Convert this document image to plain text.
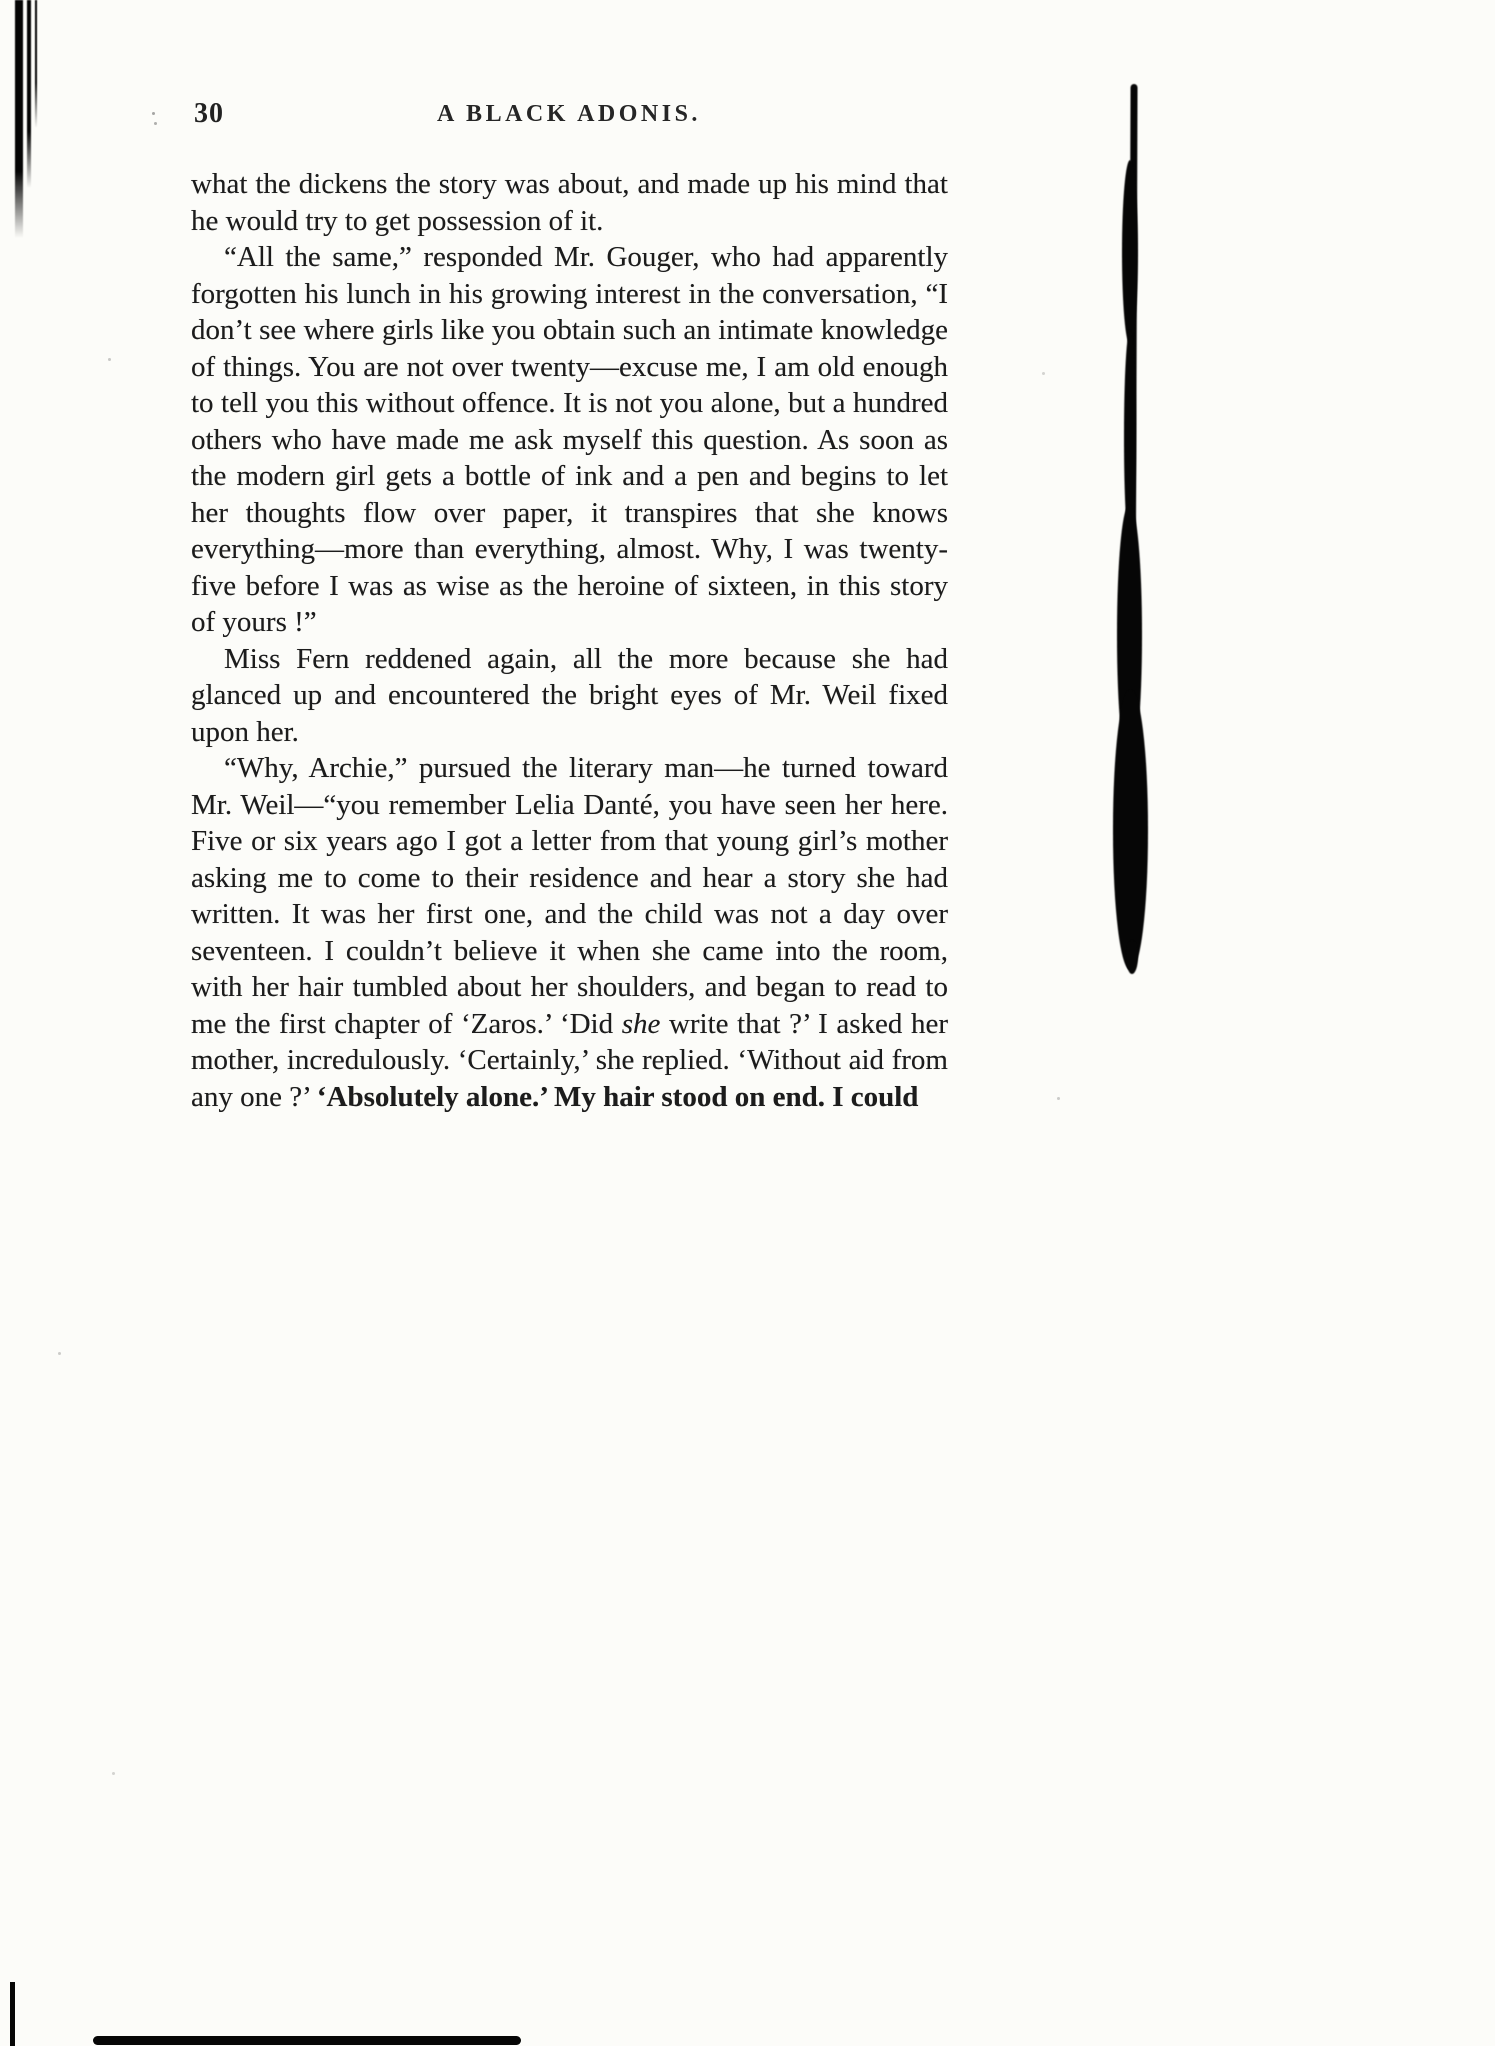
30	A BLACK ADONIS.

what the dickens the story was about, and made up his mind that he would try to get possession of it.

“All the same,” responded Mr. Gouger, who had apparently forgotten his lunch in his growing interest in the conversation, “I don’t see where girls like you obtain such an intimate knowledge of things. You are not over twenty—excuse me, I am old enough to tell you this without offence. It is not you alone, but a hundred others who have made me ask myself this question. As soon as the modern girl gets a bottle of ink and a pen and begins to let her thoughts flow over paper, it transpires that she knows everything—more than everything, almost. Why, I was twenty-five before I was as wise as the heroine of sixteen, in this story of yours !”

Miss Fern reddened again, all the more because she had glanced up and encountered the bright eyes of Mr. Weil fixed upon her.

“Why, Archie,” pursued the literary man—he turned toward Mr. Weil—“you remember Lelia Danté, you have seen her here. Five or six years ago I got a letter from that young girl’s mother asking me to come to their residence and hear a story she had written. It was her first one, and the child was not a day over seventeen. I couldn’t believe it when she came into the room, with her hair tumbled about her shoulders, and began to read to me the first chapter of ‘Zaros.’ ‘Did she write that ?’ I asked her mother, incredulously. ‘Certainly,’ she replied. ‘Without aid from any one ?’ ‘Absolutely alone.’ My hair stood on end. I could
